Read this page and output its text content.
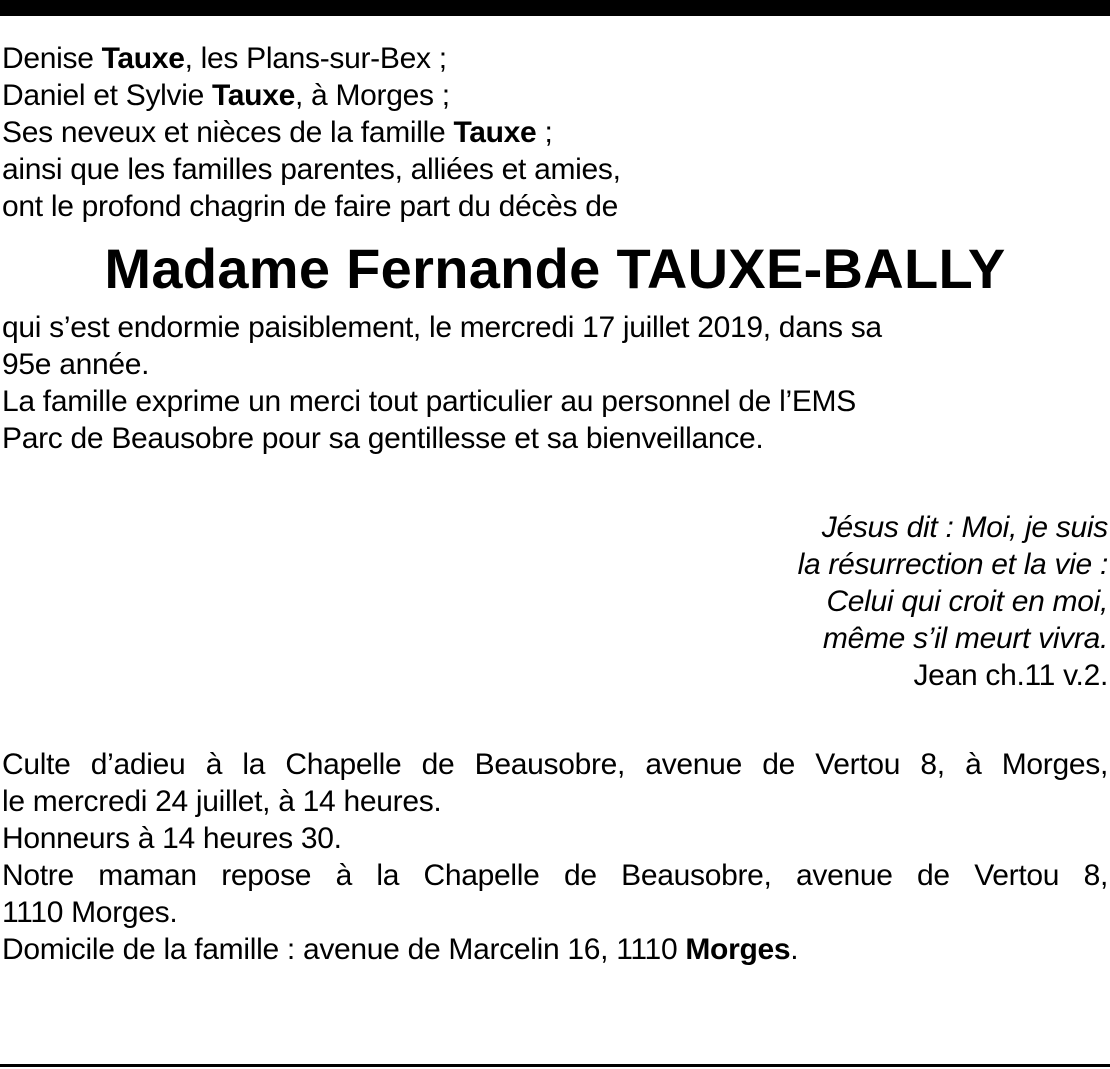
Denise Tauxe, les Plans-sur-Bex ;
Daniel et Sylvie Tauxe, à Morges ;
Ses neveux et nièces de la famille Tauxe ;
ainsi que les familles parentes, alliées et amies,
ont le profond chagrin de faire part du décès de
Madame Fernande TAUXE-BALLY
qui s’est endormie paisiblement, le mercredi 17 juillet 2019, dans sa
95e année.
La famille exprime un merci tout particulier au personnel de l’EMS
Parc de Beausobre pour sa gentillesse et sa bienveillance.
Jésus dit : Moi, je suis
la résurrection et la vie :
Celui qui croit en moi,
même s’il meurt vivra.
Jean ch.11 v.2.
Culte d’adieu à la Chapelle de Beausobre, avenue de Vertou 8, à Morges,
le mercredi 24 juillet, à 14 heures.
Honneurs à 14 heures 30.
Notre maman repose à la Chapelle de Beausobre, avenue de Vertou 8,
1110 Morges.
Domicile de la famille : avenue de Marcelin 16, 1110 Morges.
